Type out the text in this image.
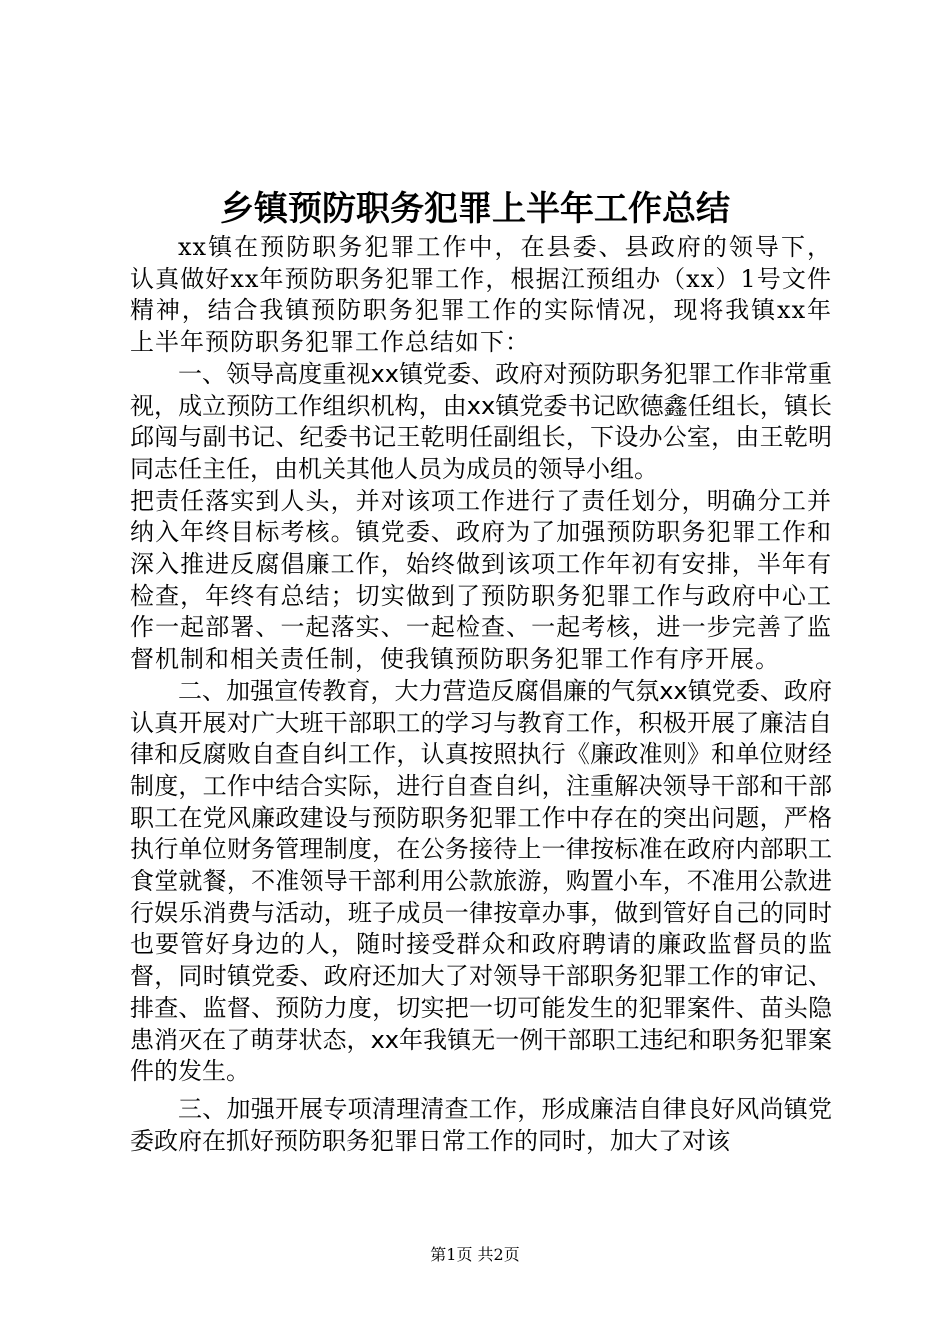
乡镇预防职务犯罪上半年工作总结

xx镇在预防职务犯罪工作中，在县委、县政府的领导下，认真做好xx年预防职务犯罪工作，根据江预组办（xx）1号文件精神，结合我镇预防职务犯罪工作的实际情况，现将我镇xx年上半年预防职务犯罪工作总结如下：

一、领导高度重视xx镇党委、政府对预防职务犯罪工作非常重视，成立预防工作组织机构，由xx镇党委书记欧德鑫任组长，镇长邱闯与副书记、纪委书记王乾明任副组长，下设办公室，由王乾明同志任主任，由机关其他人员为成员的领导小组。

把责任落实到人头，并对该项工作进行了责任划分，明确分工并纳入年终目标考核。镇党委、政府为了加强预防职务犯罪工作和深入推进反腐倡廉工作，始终做到该项工作年初有安排，半年有检查，年终有总结；切实做到了预防职务犯罪工作与政府中心工作一起部署、一起落实、一起检查、一起考核，进一步完善了监督机制和相关责任制，使我镇预防职务犯罪工作有序开展。

二、加强宣传教育，大力营造反腐倡廉的气氛xx镇党委、政府认真开展对广大班干部职工的学习与教育工作，积极开展了廉洁自律和反腐败自查自纠工作，认真按照执行《廉政准则》和单位财经制度，工作中结合实际，进行自查自纠，注重解决领导干部和干部职工在党风廉政建设与预防职务犯罪工作中存在的突出问题，严格执行单位财务管理制度，在公务接待上一律按标准在政府内部职工食堂就餐，不准领导干部利用公款旅游，购置小车，不准用公款进行娱乐消费与活动，班子成员一律按章办事，做到管好自己的同时也要管好身边的人，随时接受群众和政府聘请的廉政监督员的监督，同时镇党委、政府还加大了对领导干部职务犯罪工作的审记、排查、监督、预防力度，切实把一切可能发生的犯罪案件、苗头隐患消灭在了萌芽状态，xx年我镇无一例干部职工违纪和职务犯罪案件的发生。

三、加强开展专项清理清查工作，形成廉洁自律良好风尚镇党委政府在抓好预防职务犯罪日常工作的同时，加大了对该

第1页 共2页
